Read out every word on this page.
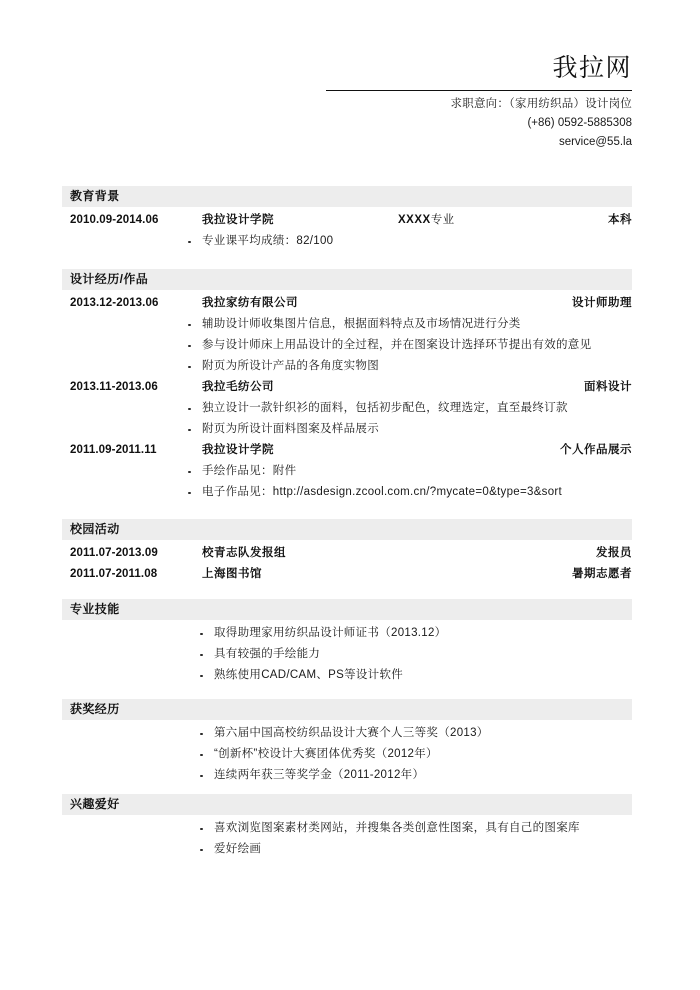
我拉网
求职意向：（家用纺织品）设计岗位
(+86) 0592-5885308
service@55.la
教育背景
2010.09-2014.06	我拉设计学院	XXXX专业	本科
专业课平均成绩：82/100
设计经历/作品
2013.12-2013.06	我拉家纺有限公司	设计师助理
辅助设计师收集图片信息，根据面料特点及市场情况进行分类
参与设计师床上用品设计的全过程，并在图案设计选择环节提出有效的意见
附页为所设计产品的各角度实物图
2013.11-2013.06	我拉毛纺公司	面料设计
独立设计一款针织衫的面料，包括初步配色，纹理选定，直至最终订款
附页为所设计面料图案及样品展示
2011.09-2011.11	我拉设计学院	个人作品展示
手绘作品见：附件
电子作品见：http://asdesign.zcool.com.cn/?mycate=0&type=3&sort
校园活动
2011.07-2013.09	校青志队发报组	发报员
2011.07-2011.08	上海图书馆	暑期志愿者
专业技能
取得助理家用纺织品设计师证书（2013.12）
具有较强的手绘能力
熟练使用CAD/CAM、PS等设计软件
获奖经历
第六届中国高校纺织品设计大赛个人三等奖（2013）
“创新杯”校设计大赛团体优秀奖（2012年）
连续两年获三等奖学金（2011-2012年）
兴趣爱好
喜欢浏览图案素材类网站，并搜集各类创意性图案，具有自己的图案库
爱好绘画
